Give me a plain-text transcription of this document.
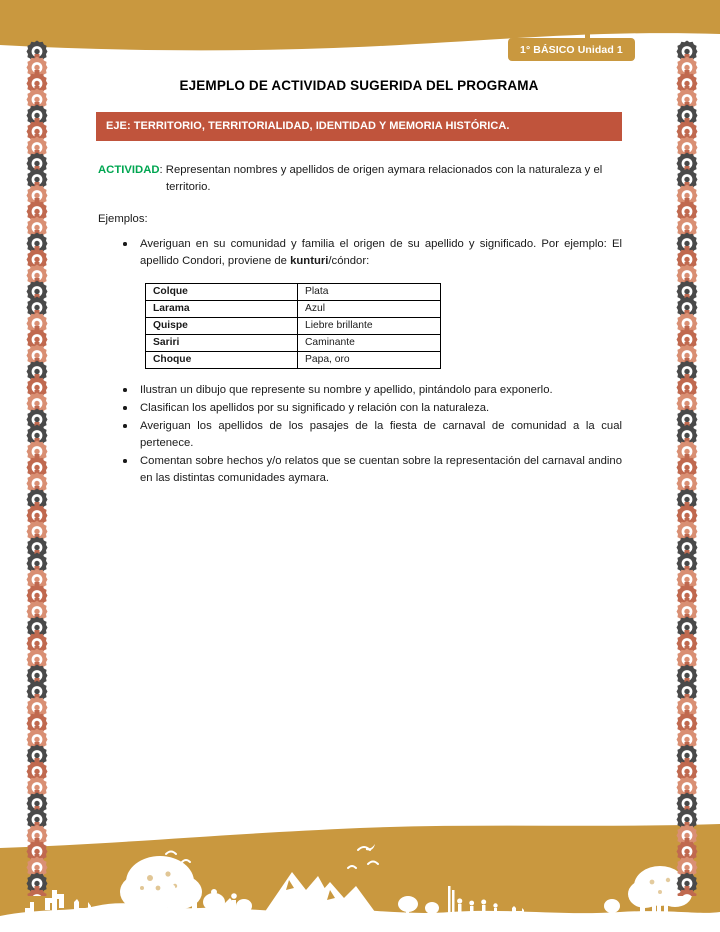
1° BÁSICO Unidad 1
EJEMPLO DE ACTIVIDAD SUGERIDA DEL PROGRAMA
EJE: TERRITORIO, TERRITORIALIDAD, IDENTIDAD Y MEMORIA HISTÓRICA.
ACTIVIDAD: Representan nombres y apellidos de origen aymara relacionados con la naturaleza y el
territorio.
Ejemplos:
Averiguan en su comunidad y familia el origen de su apellido y significado. Por ejemplo: El apellido Condori, proviene de kunturi/cóndor:
Colque	Plata
Larama	Azul
Quispe	Liebre brillante
Sariri	Caminante
Choque	Papa, oro
Ilustran un dibujo que represente su nombre y apellido, pintándolo para exponerlo.
Clasifican los apellidos por su significado y relación con la naturaleza.
Averiguan los apellidos de los pasajes de la fiesta de carnaval de comunidad a la cual pertenece.
Comentan sobre hechos y/o relatos que se cuentan sobre la representación del carnaval andino en las distintas comunidades aymara.
